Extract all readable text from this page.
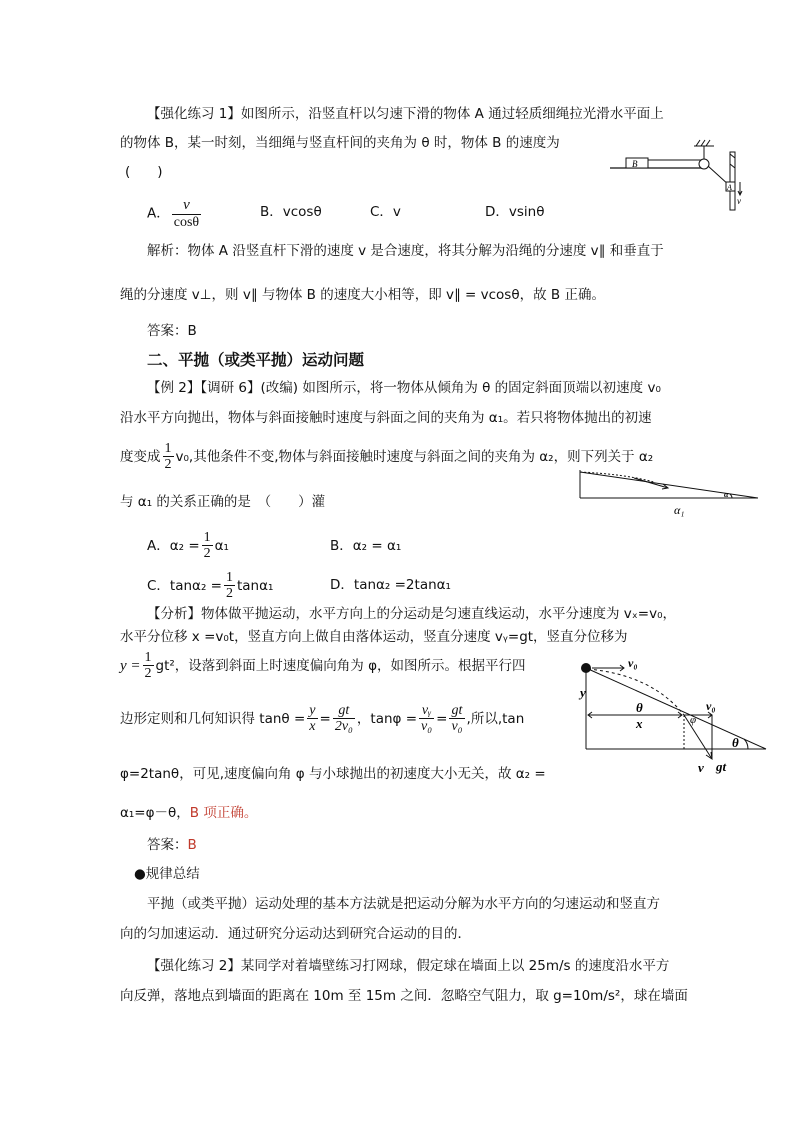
【强化练习 1】如图所示，沿竖直杆以匀速下滑的物体 A 通过轻质细绳拉光滑水平面上
的物体 B，某一时刻，当细绳与竖直杆间的夹角为 θ 时，物体 B 的速度为
(　　)
A． $\frac{v}{\cos\theta}$	B．vcosθ	C．v	D．vsinθ
B
A
v
解析：物体 A 沿竖直杆下滑的速度 v 是合速度，将其分解为沿绳的分速度 v∥ 和垂直于
绳的分速度 v⊥，则 v∥ 与物体 B 的速度大小相等，即 v∥ = vcosθ，故 B 正确。
答案：B
二、平抛（或类平抛）运动问题
【例 2】【调研 6】(改编) 如图所示，将一物体从倾角为 θ 的固定斜面顶端以初速度 v₀
沿水平方向抛出，物体与斜面接触时速度与斜面之间的夹角为 α₁。若只将物体抛出的初速
度变成 $\frac{1}{2} v_0$,其他条件不变,物体与斜面接触时速度与斜面之间的夹角为 α₂，则下列关于 α₂
与 α₁ 的关系正确的是　（　　）灌	α
α₁
A．$\alpha_2 = \frac{1}{2} \alpha_1$	B．α₂ = α₁
C．$\tan\alpha_2 = \frac{1}{2} \tan\alpha_1$	D．tanα₂ =2tanα₁
【分析】物体做平抛运动，水平方向上的分运动是匀速直线运动，水平分速度为 vₓ=v₀，
水平分位移 x =v₀t，竖直方向上做自由落体运动，竖直分速度 vᵧ=gt，竖直分位移为
$y = \frac{1}{2} gt^2$，设落到斜面上时速度偏向角为 φ，如图所示。根据平行四
边形定则和几何知识得 $\tan\theta = \frac{y}{x} = \frac{gt}{\text{2v₀}}$ ，$\tan\varphi = \frac{\text{vᵧ}}{\text{v₀}} = \frac{gt}{\text{v₀}}$ ,所以,tan
φ=2tanθ，可见,速度偏向角 φ 与小球抛出的初速度大小无关，故 α₂ =
α₁=φ－θ，B 项正确。
答案：B
v₀
y
θ
x
v₀
φ
v gt
θ
●规律总结
平抛（或类平抛）运动处理的基本方法就是把运动分解为水平方向的匀速运动和竖直方
向的匀加速运动．通过研究分运动达到研究合运动的目的．
【强化练习 2】某同学对着墙壁练习打网球，假定球在墙面上以 25m/s 的速度沿水平方
向反弹，落地点到墙面的距离在 10m 至 15m 之间．忽略空气阻力，取 g=10m/s²，球在墙面
